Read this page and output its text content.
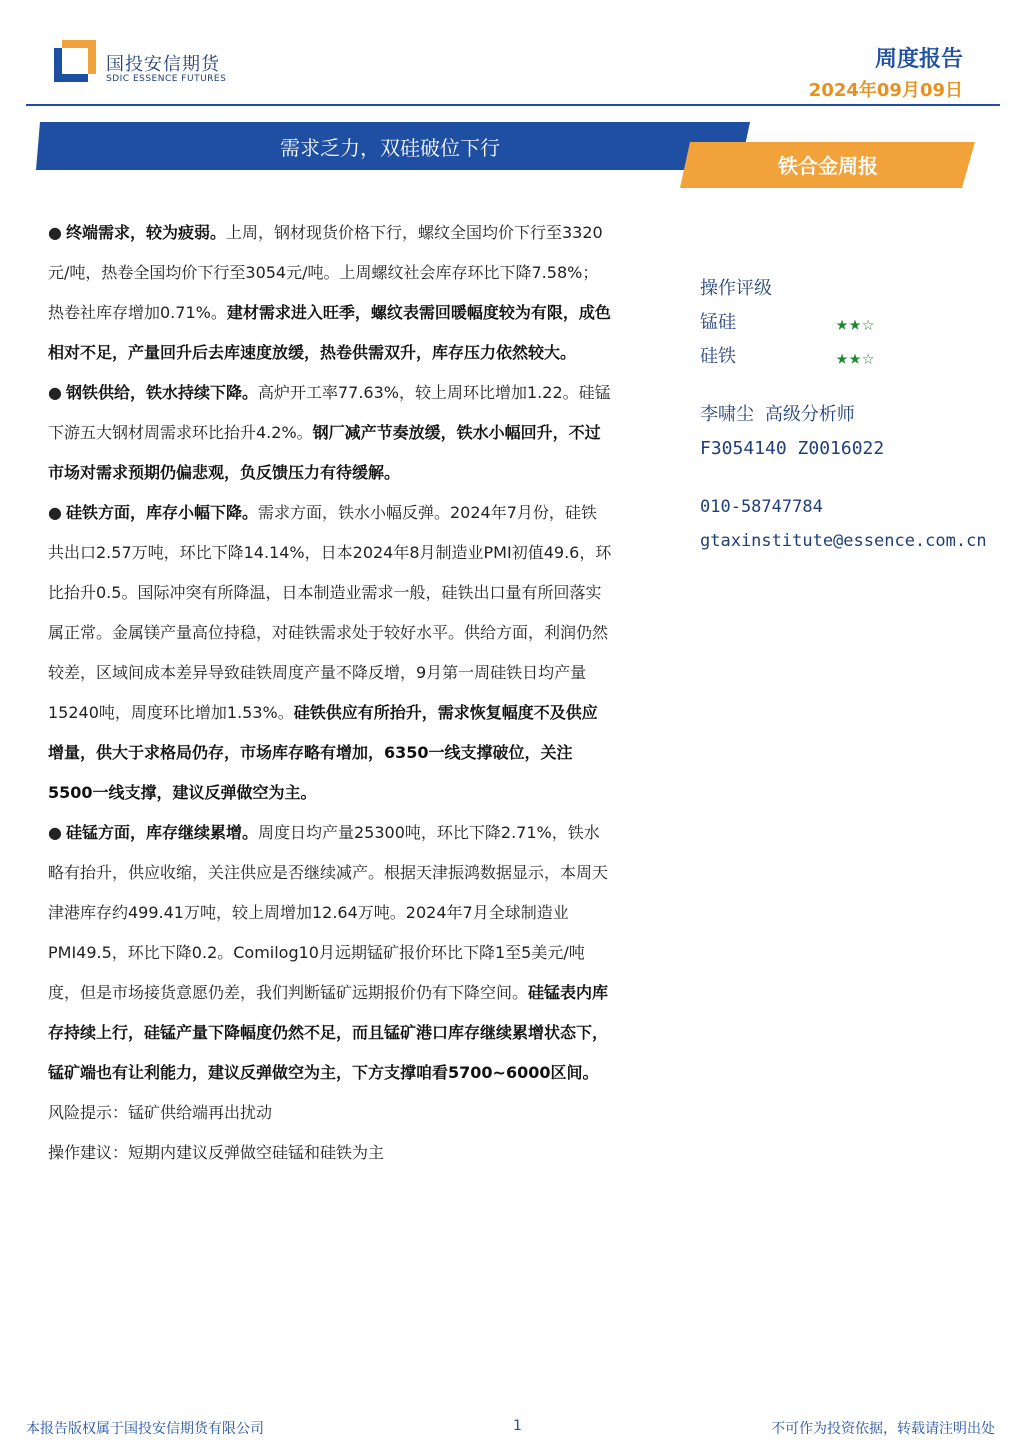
国投安信期货
SDIC ESSENCE FUTURES
周度报告
2024年09月09日
需求乏力，双硅破位下行
铁合金周报

● 终端需求，较为疲弱。上周，钢材现货价格下行，螺纹全国均价下行至3320元/吨，热卷全国均价下行至3054元/吨。上周螺纹社会库存环比下降7.58%；热卷社库存增加0.71%。建材需求进入旺季，螺纹表需回暖幅度较为有限，成色相对不足，产量回升后去库速度放缓，热卷供需双升，库存压力依然较大。

● 钢铁供给，铁水持续下降。高炉开工率77.63%，较上周环比增加1.22。硅锰下游五大钢材周需求环比抬升4.2%。钢厂减产节奏放缓，铁水小幅回升，不过市场对需求预期仍偏悲观，负反馈压力有待缓解。

● 硅铁方面，库存小幅下降。需求方面，铁水小幅反弹。2024年7月份，硅铁共出口2.57万吨，环比下降14.14%，日本2024年8月制造业PMI初值49.6，环比抬升0.5。国际冲突有所降温，日本制造业需求一般，硅铁出口量有所回落实属正常。金属镁产量高位持稳，对硅铁需求处于较好水平。供给方面，利润仍然较差，区域间成本差异导致硅铁周度产量不降反增，9月第一周硅铁日均产量15240吨，周度环比增加1.53%。硅铁供应有所抬升，需求恢复幅度不及供应增量，供大于求格局仍存，市场库存略有增加，6350一线支撑破位，关注5500一线支撑，建议反弹做空为主。

● 硅锰方面，库存继续累增。周度日均产量25300吨，环比下降2.71%，铁水略有抬升，供应收缩，关注供应是否继续减产。根据天津振鸿数据显示，本周天津港库存约499.41万吨，较上周增加12.64万吨。2024年7月全球制造业PMI49.5，环比下降0.2。Comilog10月远期锰矿报价环比下降1至5美元/吨度，但是市场接货意愿仍差，我们判断锰矿远期报价仍有下降空间。硅锰表内库存持续上行，硅锰产量下降幅度仍然不足，而且锰矿港口库存继续累增状态下，锰矿端也有让利能力，建议反弹做空为主，下方支撑咱看5700~6000区间。

风险提示：锰矿供给端再出扰动

操作建议：短期内建议反弹做空硅锰和硅铁为主

操作评级
锰硅	★★☆
硅铁	★★☆
李啸尘 高级分析师
F3054140 Z0016022
010-58747784
gtaxinstitute@essence.com.cn
本报告版权属于国投安信期货有限公司	1	不可作为投资依据，转载请注明出处
